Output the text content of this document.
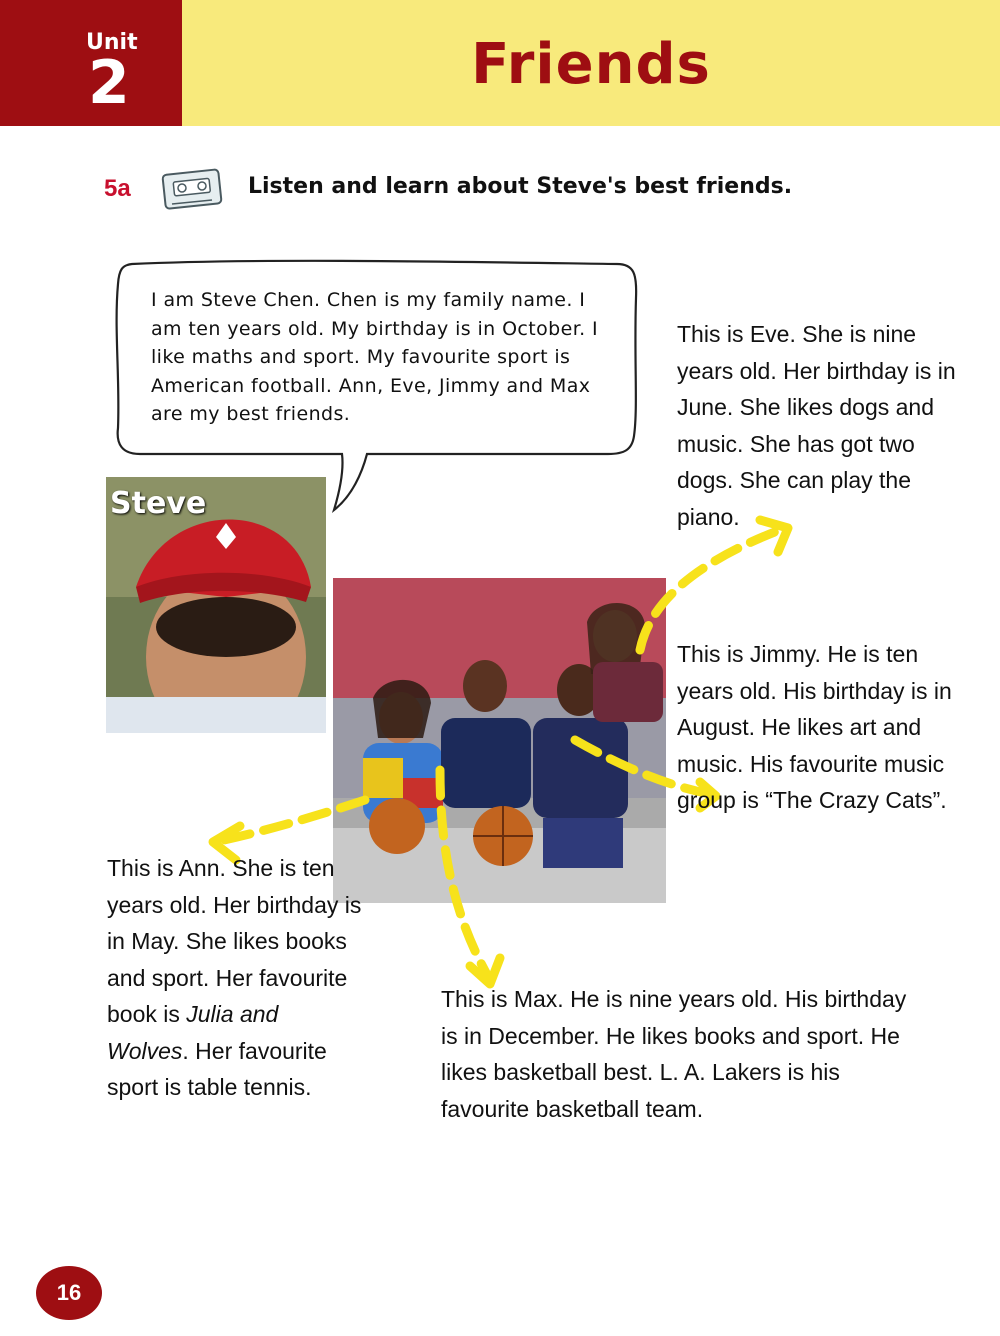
Unit
2	Friends
5a	Listen and learn about Steve's best friends.
I am Steve Chen. Chen is my family name. I am ten years old. My birthday is in October. I like maths and sport. My favourite sport is American football. Ann, Eve, Jimmy and Max are my best friends.
Steve
This is Eve. She is nine years old. Her birthday is in June. She likes dogs and music. She has got two dogs. She can play the piano.
This is Jimmy. He is ten years old. His birthday is in August. He likes art and music. His favourite music group is “The Crazy Cats”.
This is Ann. She is ten years old. Her birthday is in May. She likes books and sport. Her favourite book is Julia and Wolves. Her favourite sport is table tennis.
This is Max. He is nine years old. His birthday is in December. He likes books and sport. He likes basketball best. L. A. Lakers is his favourite basketball team.
16
